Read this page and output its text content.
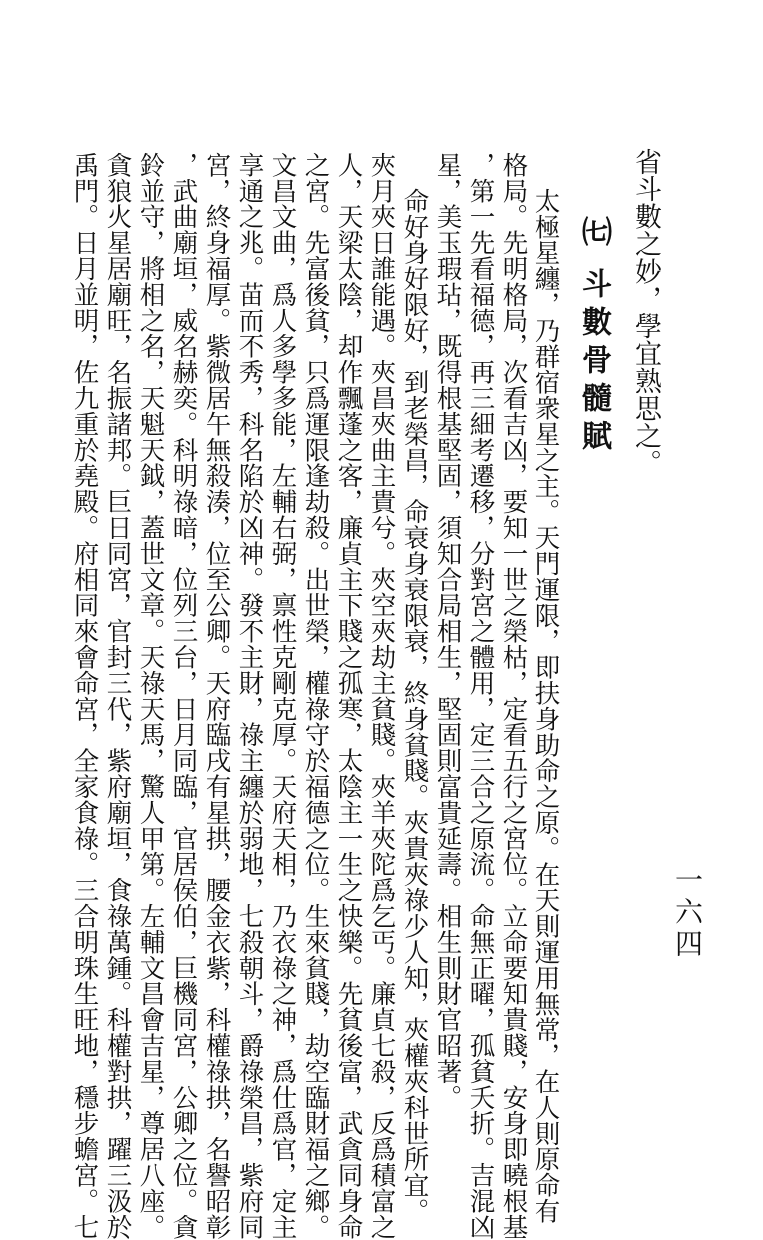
一六四
省斗數之妙，學宜熟思之。
㈦斗數骨髓賦
太極星纏，乃群宿衆星之主。天門運限，即扶身助命之原。在天則運用無常，在人則原命有
格局。先明格局，次看吉凶，要知一世之榮枯，定看五行之宮位。立命要知貴賤，安身即曉根基
，第一先看福德，再三細考遷移，分對宮之體用，定三合之原流。命無正曜，孤貧夭折。吉混凶
星，美玉瑕玷，既得根基堅固，須知合局相生，堅固則富貴延壽。相生則財官昭著。
命好身好限好，到老榮昌，命衰身衰限衰，終身貧賤。夾貴夾祿少人知，夾權夾科世所宜。
夾月夾日誰能遇。夾昌夾曲主貴兮。夾空夾劫主貧賤。夾羊夾陀爲乞丐。廉貞七殺，反爲積富之
人，天梁太陰，却作飄蓬之客，廉貞主下賤之孤寒，太陰主一生之快樂。先貧後富，武貪同身命
之宮。先富後貧，只爲運限逢劫殺。出世榮，權祿守於福德之位。生來貧賤，劫空臨財福之鄉。
文昌文曲，爲人多學多能，左輔右弼，禀性克剛克厚。天府天相，乃衣祿之神，爲仕爲官，定主
享通之兆。苗而不秀，科名陷於凶神。發不主財，祿主纏於弱地，七殺朝斗，爵祿榮昌，紫府同
宮，終身福厚。紫微居午無殺湊，位至公卿。天府臨戌有星拱，腰金衣紫，科權祿拱，名譽昭彰
，武曲廟垣，威名赫奕。科明祿暗，位列三台，日月同臨，官居侯伯，巨機同宮，公卿之位。貪
鈴並守，將相之名，天魁天鉞，蓋世文章。天祿天馬，驚人甲第。左輔文昌會吉星，尊居八座。
貪狼火星居廟旺，名振諸邦。巨日同宮，官封三代，紫府廟垣，食祿萬鍾。科權對拱，躍三汲於
禹門。日月並明，佐九重於堯殿。府相同來會命宮，全家食祿。三合明珠生旺地，穩步蟾宮。七
